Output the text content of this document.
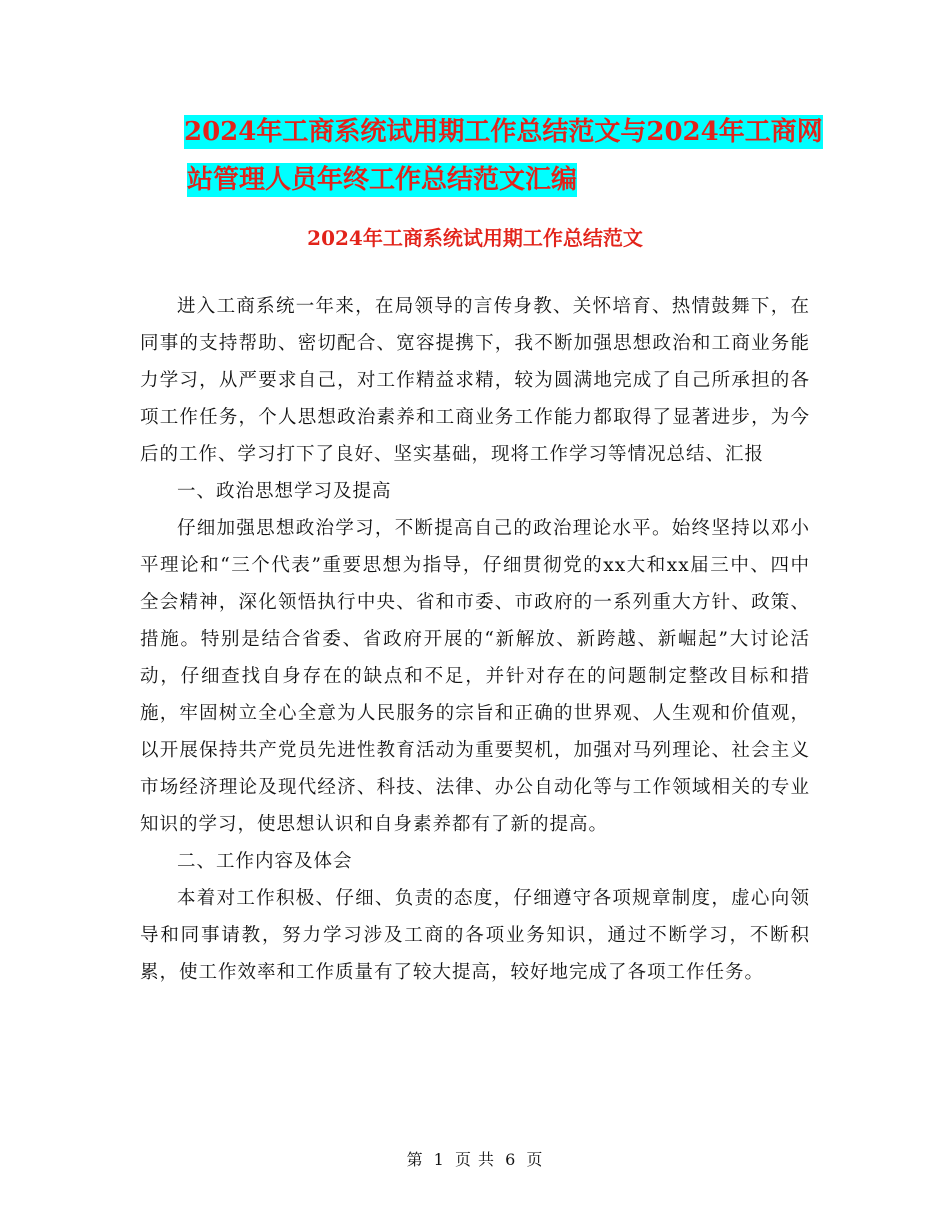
2024年工商系统试用期工作总结范文与2024年工商网
站管理人员年终工作总结范文汇编
2024年工商系统试用期工作总结范文

进入工商系统一年来，在局领导的言传身教、关怀培育、热情鼓舞下，在同事的支持帮助、密切配合、宽容提携下，我不断加强思想政治和工商业务能力学习，从严要求自己，对工作精益求精，较为圆满地完成了自己所承担的各项工作任务，个人思想政治素养和工商业务工作能力都取得了显著进步，为今后的工作、学习打下了良好、坚实基础，现将工作学习等情况总结、汇报

一、政治思想学习及提高

仔细加强思想政治学习，不断提高自己的政治理论水平。始终坚持以邓小平理论和“三个代表”重要思想为指导，仔细贯彻党的xx大和xx届三中、四中全会精神，深化领悟执行中央、省和市委、市政府的一系列重大方针、政策、措施。特别是结合省委、省政府开展的“新解放、新跨越、新崛起”大讨论活动，仔细查找自身存在的缺点和不足，并针对存在的问题制定整改目标和措施，牢固树立全心全意为人民服务的宗旨和正确的世界观、人生观和价值观，以开展保持共产党员先进性教育活动为重要契机，加强对马列理论、社会主义市场经济理论及现代经济、科技、法律、办公自动化等与工作领域相关的专业知识的学习，使思想认识和自身素养都有了新的提高。

二、工作内容及体会

本着对工作积极、仔细、负责的态度，仔细遵守各项规章制度，虚心向领导和同事请教，努力学习涉及工商的各项业务知识，通过不断学习，不断积累，使工作效率和工作质量有了较大提高，较好地完成了各项工作任务。

第 1 页 共 6 页
